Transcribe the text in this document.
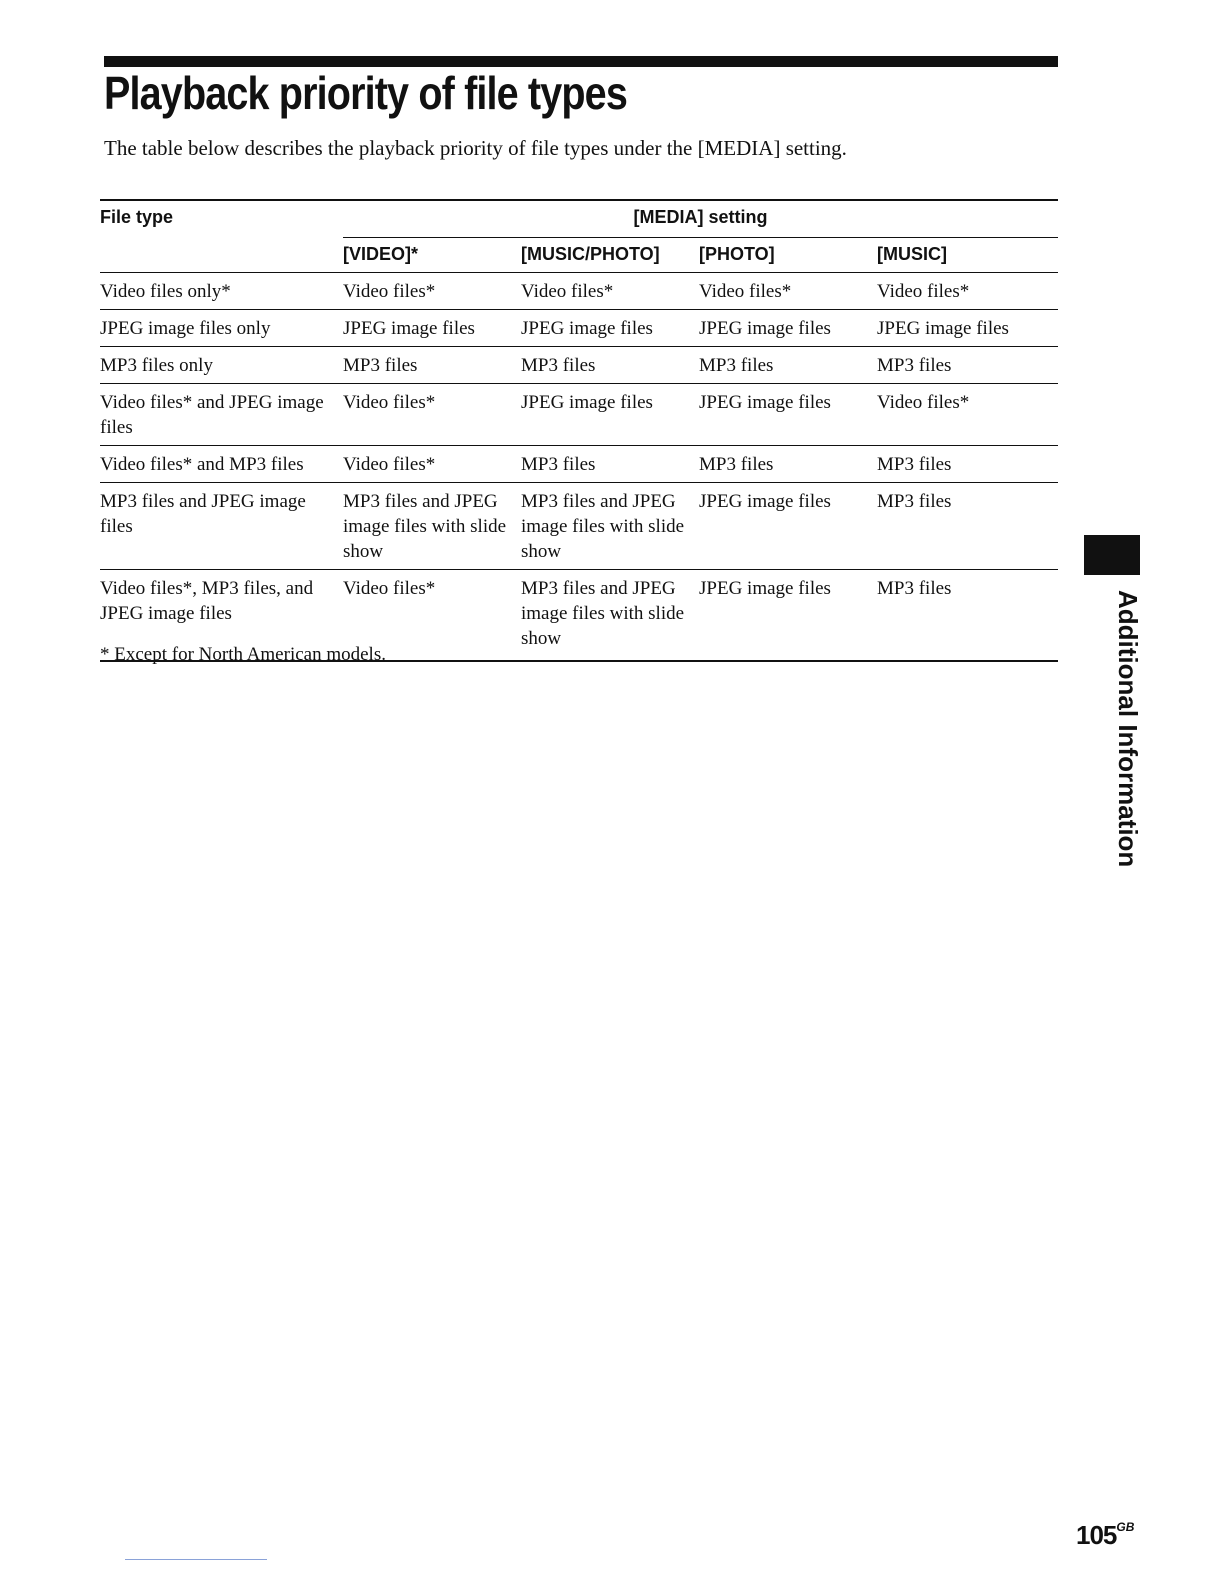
Playback priority of file types
The table below describes the playback priority of file types under the [MEDIA] setting.
File type	[MEDIA] setting			
	[VIDEO]*	[MUSIC/PHOTO]	[PHOTO]	[MUSIC]
Video files only*	Video files*	Video files*	Video files*	Video files*
JPEG image files only	JPEG image files	JPEG image files	JPEG image files	JPEG image files
MP3 files only	MP3 files	MP3 files	MP3 files	MP3 files
Video files* and JPEG image files	Video files*	JPEG image files	JPEG image files	Video files*
Video files* and MP3 files	Video files*	MP3 files	MP3 files	MP3 files
MP3 files and JPEG image files	MP3 files and JPEG image files with slide show	MP3 files and JPEG image files with slide show	JPEG image files	MP3 files
Video files*, MP3 files, and JPEG image files	Video files*	MP3 files and JPEG image files with slide show	JPEG image files	MP3 files
* Except for North American models.	Additional Information
$105^{GB}$
